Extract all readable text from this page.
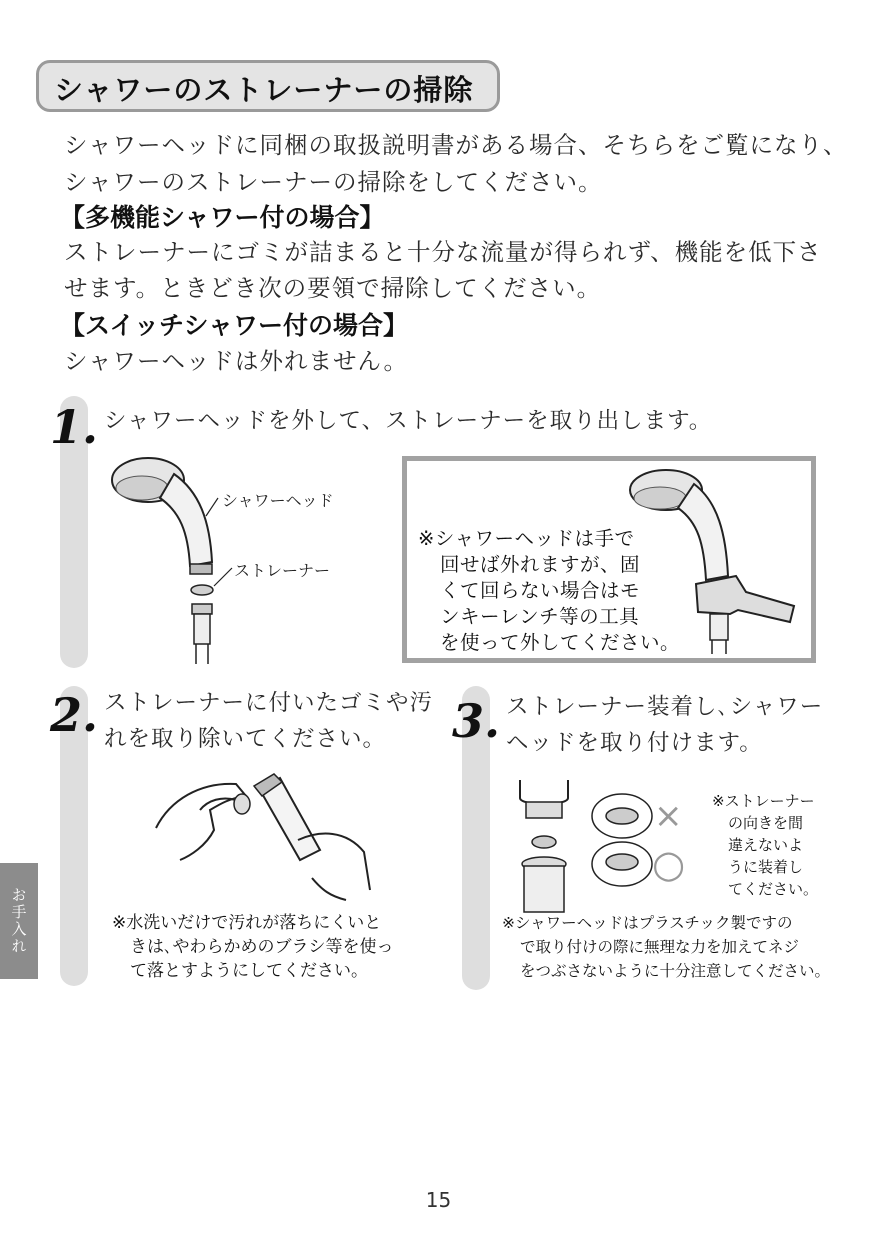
シャワーのストレーナーの掃除
シャワーヘッドに同梱の取扱説明書がある場合、そちらをご覧になり、
シャワーのストレーナーの掃除をしてください。
【多機能シャワー付の場合】
ストレーナーにゴミが詰まると十分な流量が得られず、機能を低下さ
せます。ときどき次の要領で掃除してください。
【スイッチシャワー付の場合】
シャワーヘッドは外れません。
1. シャワーヘッドを外して、ストレーナーを取り出します。
シャワーヘッド
ストレーナー
※シャワーヘッドは手で
回せば外れますが、固
くて回らない場合はモ
ンキーレンチ等の工具
を使って外してください。
2. ストレーナーに付いたゴミや汚
れを取り除いてください。
※水洗いだけで汚れが落ちにくいと
きは､やわらかめのブラシ等を使っ
て落とすようにしてください。
3. ストレーナー装着し､シャワー
ヘッドを取り付けます。
×
○
※ストレーナー
の向きを間
違えないよ
うに装着し
てください。
※シャワーヘッドはプラスチック製ですの
で取り付けの際に無理な力を加えてネジ
をつぶさないように十分注意してください。
お手入れ
15
